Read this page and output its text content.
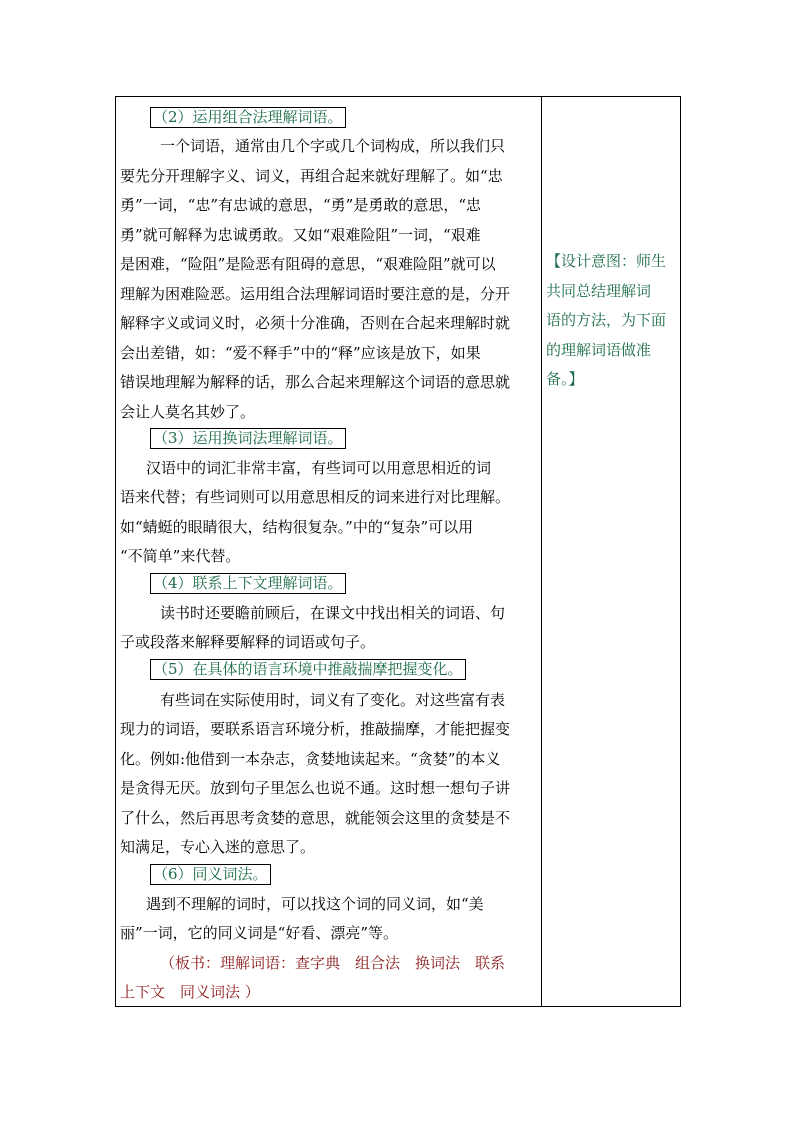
（2）运用组合法理解词语。
一个词语，通常由几个字或几个词构成，所以我们只
要先分开理解字义、词义，再组合起来就好理解了。如“忠
勇”一词，“忠”有忠诚的意思，“勇”是勇敢的意思，“忠
勇”就可解释为忠诚勇敢。又如“艰难险阻”一词，“艰难
是困难，“险阻”是险恶有阻碍的意思，“艰难险阻”就可以
理解为困难险恶。运用组合法理解词语时要注意的是，分开
解释字义或词义时，必须十分准确，否则在合起来理解时就
会出差错，如：“爱不释手”中的“释”应该是放下，如果
错误地理解为解释的话，那么合起来理解这个词语的意思就
会让人莫名其妙了。
（3）运用换词法理解词语。
汉语中的词汇非常丰富，有些词可以用意思相近的词
语来代替；有些词则可以用意思相反的词来进行对比理解。
如“蜻蜓的眼睛很大，结构很复杂。”中的“复杂”可以用
“不简单”来代替。
（4）联系上下文理解词语。
读书时还要瞻前顾后，在课文中找出相关的词语、句
子或段落来解释要解释的词语或句子。
（5）在具体的语言环境中推敲揣摩把握变化。
有些词在实际使用时，词义有了变化。对这些富有表
现力的词语，要联系语言环境分析，推敲揣摩，才能把握变
化。例如:他借到一本杂志，贪婪地读起来。“贪婪”的本义
是贪得无厌。放到句子里怎么也说不通。这时想一想句子讲
了什么，然后再思考贪婪的意思，就能领会这里的贪婪是不
知满足，专心入迷的意思了。
（6）同义词法。
遇到不理解的词时，可以找这个词的同义词，如“美
丽”一词，它的同义词是“好看、漂亮”等。
（板书：理解词语：查字典　组合法　换词法　联系
上下文　同义词法 ）
【设计意图：师生
共同总结理解词
语的方法，为下面
的理解词语做准
备。】
